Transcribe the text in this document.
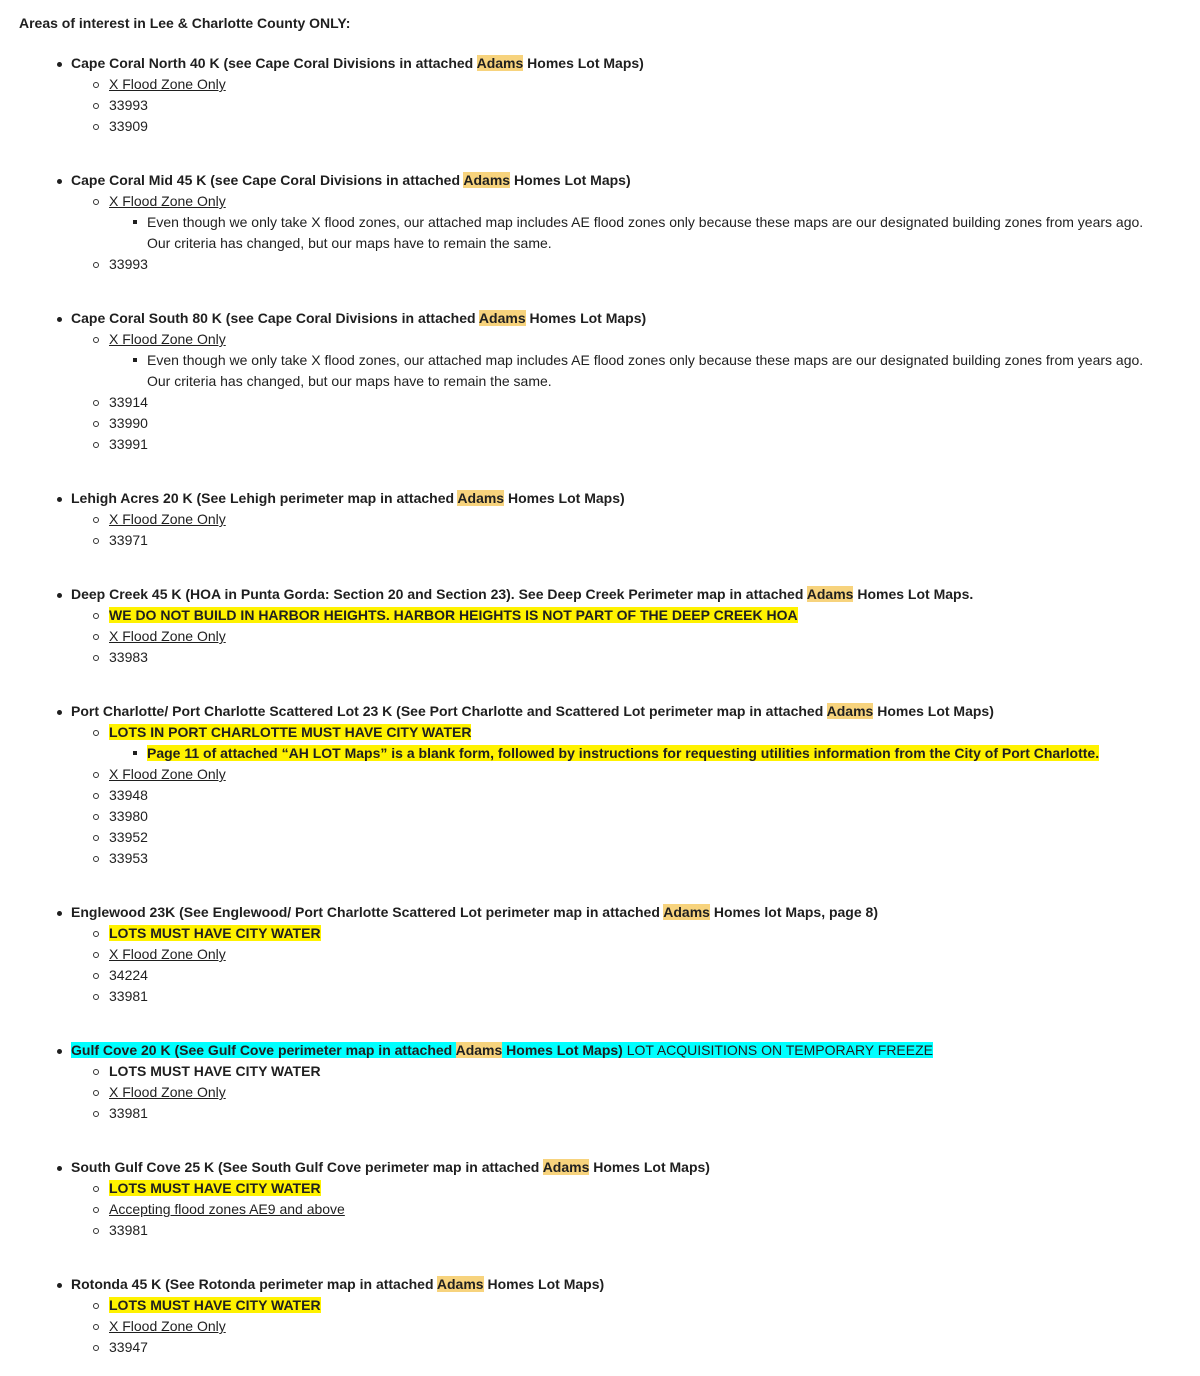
Areas of interest in Lee & Charlotte County ONLY:
Cape Coral North 40 K (see Cape Coral Divisions in attached Adams Homes Lot Maps)
X Flood Zone Only
33993
33909
Cape Coral Mid 45 K (see Cape Coral Divisions in attached Adams Homes Lot Maps)
X Flood Zone Only
Even though we only take X flood zones, our attached map includes AE flood zones only because these maps are our designated building zones from years ago. Our criteria has changed, but our maps have to remain the same.
33993
Cape Coral South 80 K (see Cape Coral Divisions in attached Adams Homes Lot Maps)
X Flood Zone Only
Even though we only take X flood zones, our attached map includes AE flood zones only because these maps are our designated building zones from years ago. Our criteria has changed, but our maps have to remain the same.
33914
33990
33991
Lehigh Acres 20 K (See Lehigh perimeter map in attached Adams Homes Lot Maps)
X Flood Zone Only
33971
Deep Creek 45 K (HOA in Punta Gorda: Section 20 and Section 23). See Deep Creek Perimeter map in attached Adams Homes Lot Maps.
WE DO NOT BUILD IN HARBOR HEIGHTS. HARBOR HEIGHTS IS NOT PART OF THE DEEP CREEK HOA
X Flood Zone Only
33983
Port Charlotte/ Port Charlotte Scattered Lot 23 K (See Port Charlotte and Scattered Lot perimeter map in attached Adams Homes Lot Maps)
LOTS IN PORT CHARLOTTE MUST HAVE CITY WATER
Page 11 of attached “AH LOT Maps” is a blank form, followed by instructions for requesting utilities information from the City of Port Charlotte.
X Flood Zone Only
33948
33980
33952
33953
Englewood 23K (See Englewood/ Port Charlotte Scattered Lot perimeter map in attached Adams Homes lot Maps, page 8)
LOTS MUST HAVE CITY WATER
X Flood Zone Only
34224
33981
Gulf Cove 20 K (See Gulf Cove perimeter map in attached Adams Homes Lot Maps) LOT ACQUISITIONS ON TEMPORARY FREEZE
LOTS MUST HAVE CITY WATER
X Flood Zone Only
33981
South Gulf Cove 25 K (See South Gulf Cove perimeter map in attached Adams Homes Lot Maps)
LOTS MUST HAVE CITY WATER
Accepting flood zones AE9 and above
33981
Rotonda 45 K (See Rotonda perimeter map in attached Adams Homes Lot Maps)
LOTS MUST HAVE CITY WATER
X Flood Zone Only
33947
